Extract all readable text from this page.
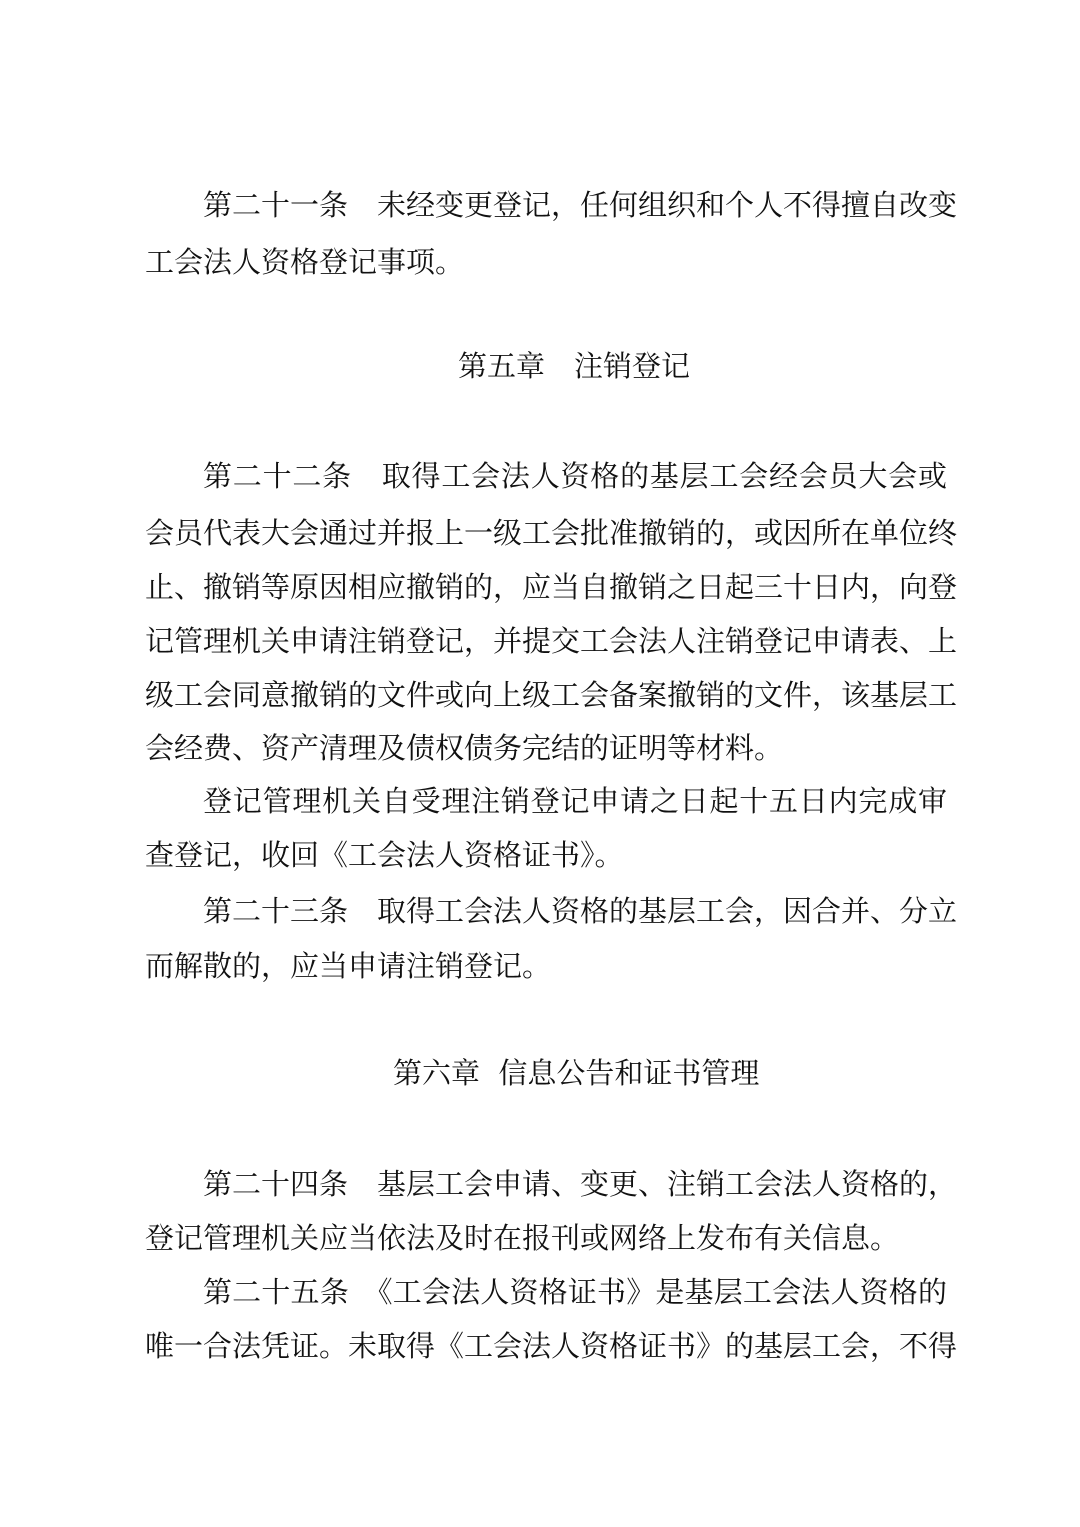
第二十一条　未经变更登记，任何组织和个人不得擅自改变
工会法人资格登记事项。
第五章　注销登记
第二十二条　取得工会法人资格的基层工会经会员大会或
会员代表大会通过并报上一级工会批准撤销的，或因所在单位终
止、撤销等原因相应撤销的，应当自撤销之日起三十日内，向登
记管理机关申请注销登记，并提交工会法人注销登记申请表、上
级工会同意撤销的文件或向上级工会备案撤销的文件，该基层工
会经费、资产清理及债权债务完结的证明等材料。
登记管理机关自受理注销登记申请之日起十五日内完成审
查登记，收回《工会法人资格证书》。
第二十三条　取得工会法人资格的基层工会，因合并、分立
而解散的，应当申请注销登记。
第六章  信息公告和证书管理
第二十四条　基层工会申请、变更、注销工会法人资格的，
登记管理机关应当依法及时在报刊或网络上发布有关信息。
第二十五条　《工会法人资格证书》是基层工会法人资格的
唯一合法凭证。未取得《工会法人资格证书》的基层工会，不得
